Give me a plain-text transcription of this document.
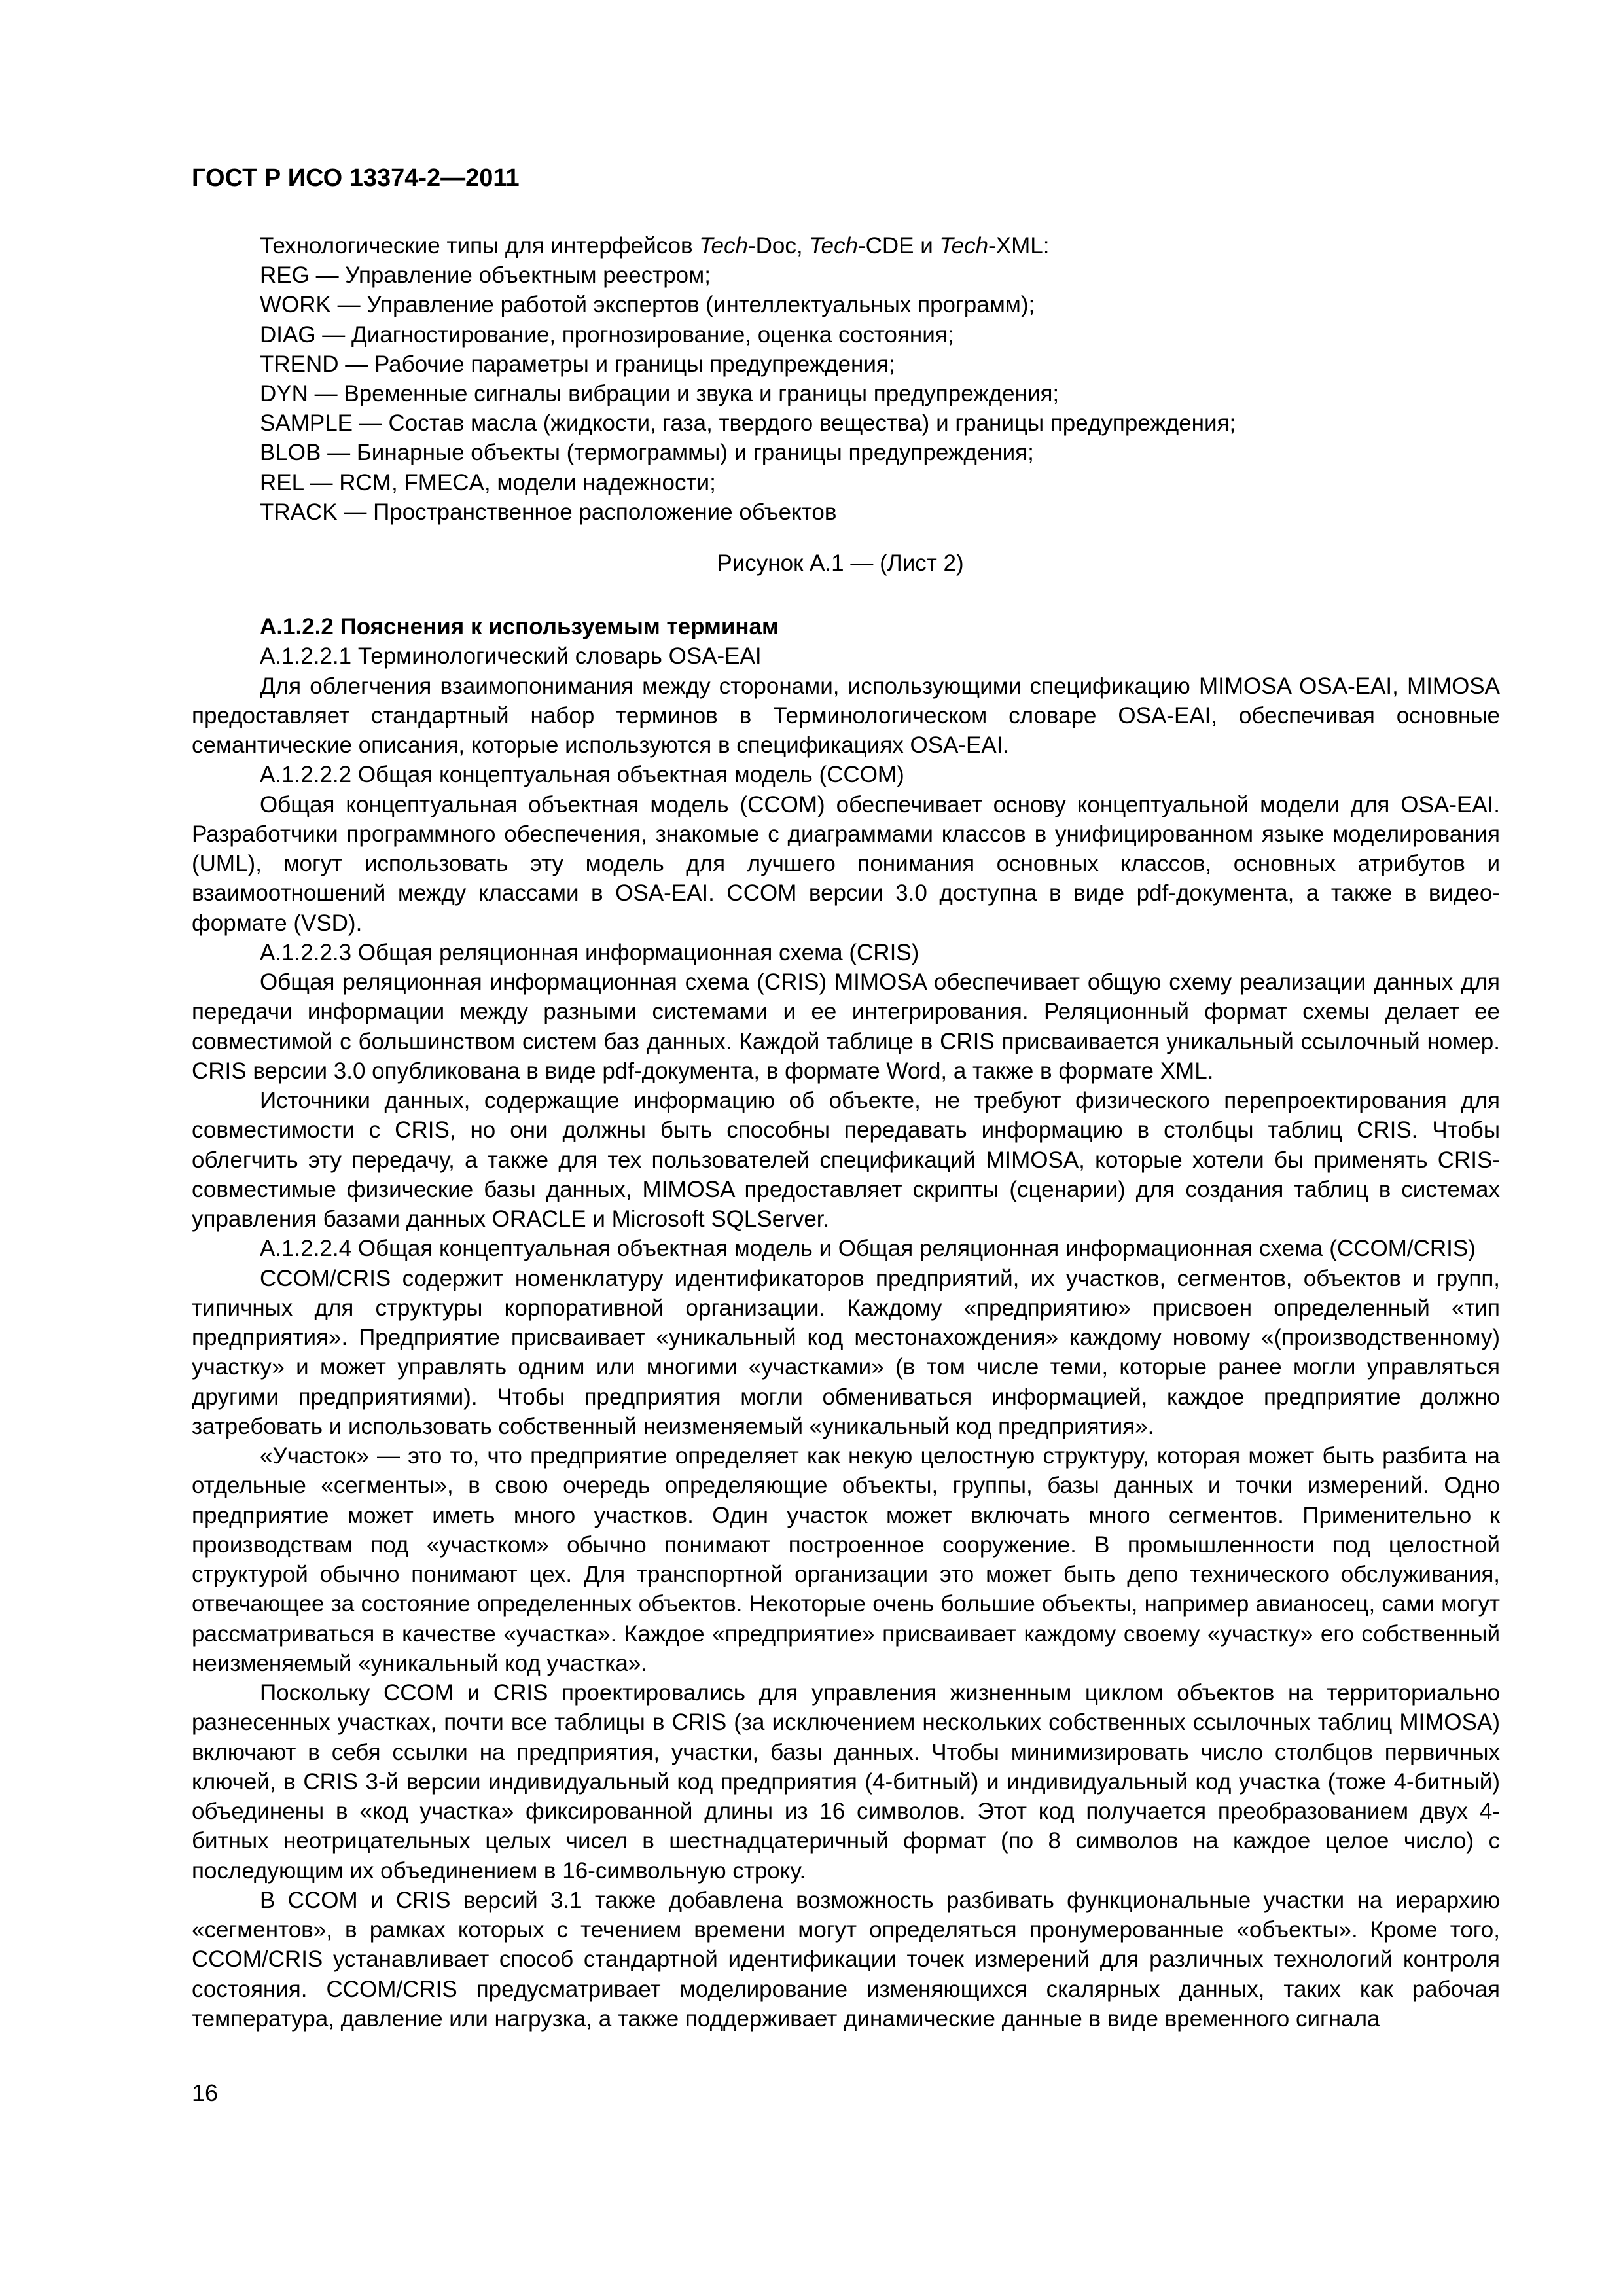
ГОСТ Р ИСО 13374-2—2011

Технологические типы для интерфейсов Tech-Doc, Tech-CDE и Tech-XML:

REG — Управление объектным реестром;

WORK — Управление работой экспертов (интеллектуальных программ);

DIAG — Диагностирование, прогнозирование, оценка состояния;

TREND — Рабочие параметры и границы предупреждения;

DYN — Временные сигналы вибрации и звука и границы предупреждения;

SAMPLE — Состав масла (жидкости, газа, твердого вещества) и границы предупреждения;

BLOB — Бинарные объекты (термограммы) и границы предупреждения;

REL — RCM, FMECA, модели надежности;

TRACK — Пространственное расположение объектов

Рисунок А.1 — (Лист 2)

А.1.2.2 Пояснения к используемым терминам

А.1.2.2.1 Терминологический словарь OSA-EAI

Для облегчения взаимопонимания между сторонами, использующими спецификацию MIMOSA OSA-EAI, MIMOSA предоставляет стандартный набор терминов в Терминологическом словаре OSA-EAI, обеспечивая основные семантические описания, которые используются в спецификациях OSA-EAI.

А.1.2.2.2 Общая концептуальная объектная модель (CCOM)

Общая концептуальная объектная модель (CCOM) обеспечивает основу концептуальной модели для OSA-EAI. Разработчики программного обеспечения, знакомые с диаграммами классов в унифицированном языке моделирования (UML), могут использовать эту модель для лучшего понимания основных классов, основных атрибутов и взаимоотношений между классами в OSA-EAI. CCOM версии 3.0 доступна в виде pdf-документа, а также в видео-формате (VSD).

А.1.2.2.3 Общая реляционная информационная схема (CRIS)

Общая реляционная информационная схема (CRIS) MIMOSA обеспечивает общую схему реализации данных для передачи информации между разными системами и ее интегрирования. Реляционный формат схемы делает ее совместимой с большинством систем баз данных. Каждой таблице в CRIS присваивается уникальный ссылочный номер. CRIS версии 3.0 опубликована в виде pdf-документа, в формате Word, а также в формате XML.

Источники данных, содержащие информацию об объекте, не требуют физического перепроектирования для совместимости с CRIS, но они должны быть способны передавать информацию в столбцы таблиц CRIS. Чтобы облегчить эту передачу, а также для тех пользователей спецификаций MIMOSA, которые хотели бы применять CRIS-совместимые физические базы данных, MIMOSA предоставляет скрипты (сценарии) для создания таблиц в системах управления базами данных ORACLE и Microsoft SQLServer.

А.1.2.2.4 Общая концептуальная объектная модель и Общая реляционная информационная схема (CCOM/CRIS)

CCOM/CRIS содержит номенклатуру идентификаторов предприятий, их участков, сегментов, объектов и групп, типичных для структуры корпоративной организации. Каждому «предприятию» присвоен определенный «тип предприятия». Предприятие присваивает «уникальный код местонахождения» каждому новому «(производственному) участку» и может управлять одним или многими «участками» (в том числе теми, которые ранее могли управляться другими предприятиями). Чтобы предприятия могли обмениваться информацией, каждое предприятие должно затребовать и использовать собственный неизменяемый «уникальный код предприятия».

«Участок» — это то, что предприятие определяет как некую целостную структуру, которая может быть разбита на отдельные «сегменты», в свою очередь определяющие объекты, группы, базы данных и точки измерений. Одно предприятие может иметь много участков. Один участок может включать много сегментов. Применительно к производствам под «участком» обычно понимают построенное сооружение. В промышленности под целостной структурой обычно понимают цех. Для транспортной организации это может быть депо технического обслуживания, отвечающее за состояние определенных объектов. Некоторые очень большие объекты, например авианосец, сами могут рассматриваться в качестве «участка». Каждое «предприятие» присваивает каждому своему «участку» его собственный неизменяемый «уникальный код участка».

Поскольку CCOM и CRIS проектировались для управления жизненным циклом объектов на территориально разнесенных участках, почти все таблицы в CRIS (за исключением нескольких собственных ссылочных таблиц MIMOSA) включают в себя ссылки на предприятия, участки, базы данных. Чтобы минимизировать число столбцов первичных ключей, в CRIS 3-й версии индивидуальный код предприятия (4-битный) и индивидуальный код участка (тоже 4-битный) объединены в «код участка» фиксированной длины из 16 символов. Этот код получается преобразованием двух 4-битных неотрицательных целых чисел в шестнадцатеричный формат (по 8 символов на каждое целое число) с последующим их объединением в 16-символьную строку.

В CCOM и CRIS версий 3.1 также добавлена возможность разбивать функциональные участки на иерархию «сегментов», в рамках которых с течением времени могут определяться пронумерованные «объекты». Кроме того, CCOM/CRIS устанавливает способ стандартной идентификации точек измерений для различных технологий контроля состояния. CCOM/CRIS предусматривает моделирование изменяющихся скалярных данных, таких как рабочая температура, давление или нагрузка, а также поддерживает динамические данные в виде временного сигнала

16
